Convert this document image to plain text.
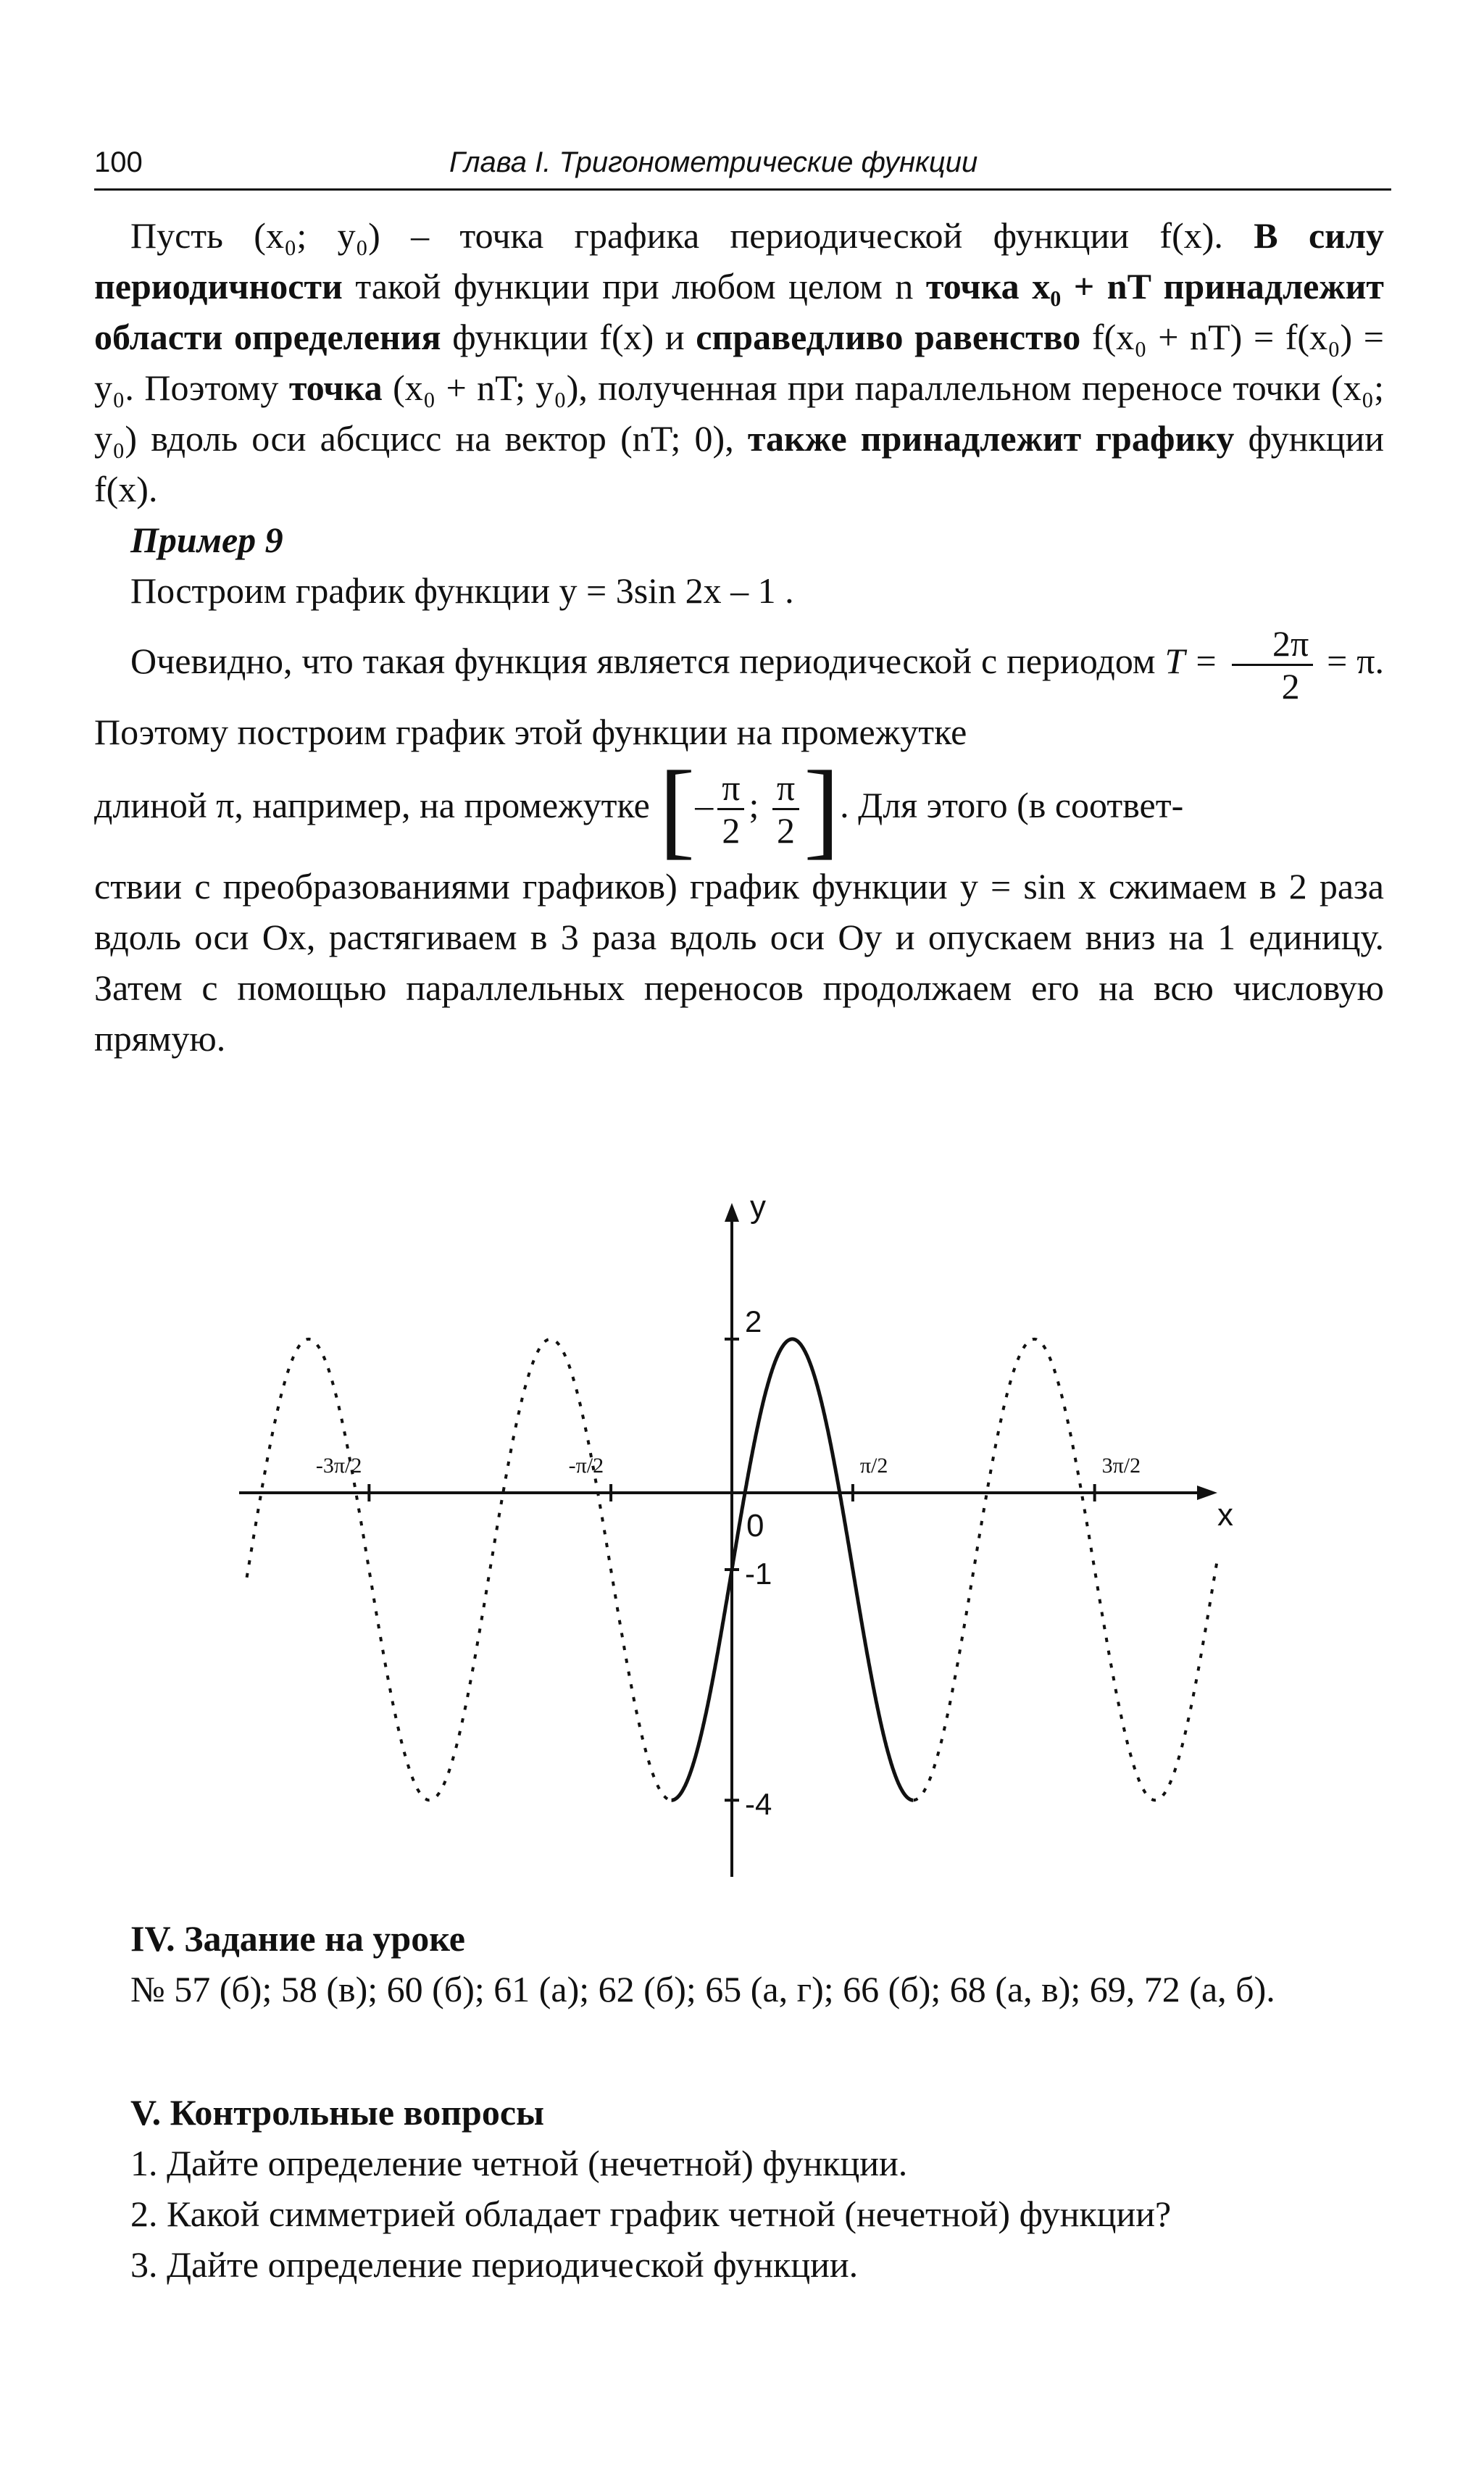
100	Глава I. Тригонометрические функции

Пусть (x₀; y₀) – точка графика периодической функции f(x). В силу периодичности такой функции при любом целом n точка x₀ + nT принадлежит области определения функции f(x) и справедливо равенство f(x₀ + nT) = f(x₀) = y₀. Поэтому точка (x₀ + nT; y₀), полученная при параллельном переносе точки (x₀; y₀) вдоль оси абсцисс на вектор (nT; 0), также принадлежит графику функции f(x).

Пример 9

Построим график функции y = 3sin 2x – 1 .

Очевидно, что такая функция является периодической с периодом $T = \frac{2\pi}{2} = \pi$. Поэтому построим график этой функции на промежутке

длиной π, например, на промежутке [– $\frac{\pi}{2}$ ; $\frac{\pi}{2}$ ]. Для этого (в соответ-

ствии с преобразованиями графиков) график функции y = sin x сжимаем в 2 раза вдоль оси Ox, растягиваем в 3 раза вдоль оси Oy и опускаем вниз на 1 единицу. Затем с помощью параллельных переносов продолжаем его на всю числовую прямую.

x
y
0
2
-1
-4
-3π/2	-π/2	π/2	3π/2
IV. Задание на уроке

№ 57 (б); 58 (в); 60 (б); 61 (а); 62 (б); 65 (а, г); 66 (б); 68 (а, в); 69, 72 (а, б).

V. Контрольные вопросы

1. Дайте определение четной (нечетной) функции.

2. Какой симметрией обладает график четной (нечетной) функции?

3. Дайте определение периодической функции.
